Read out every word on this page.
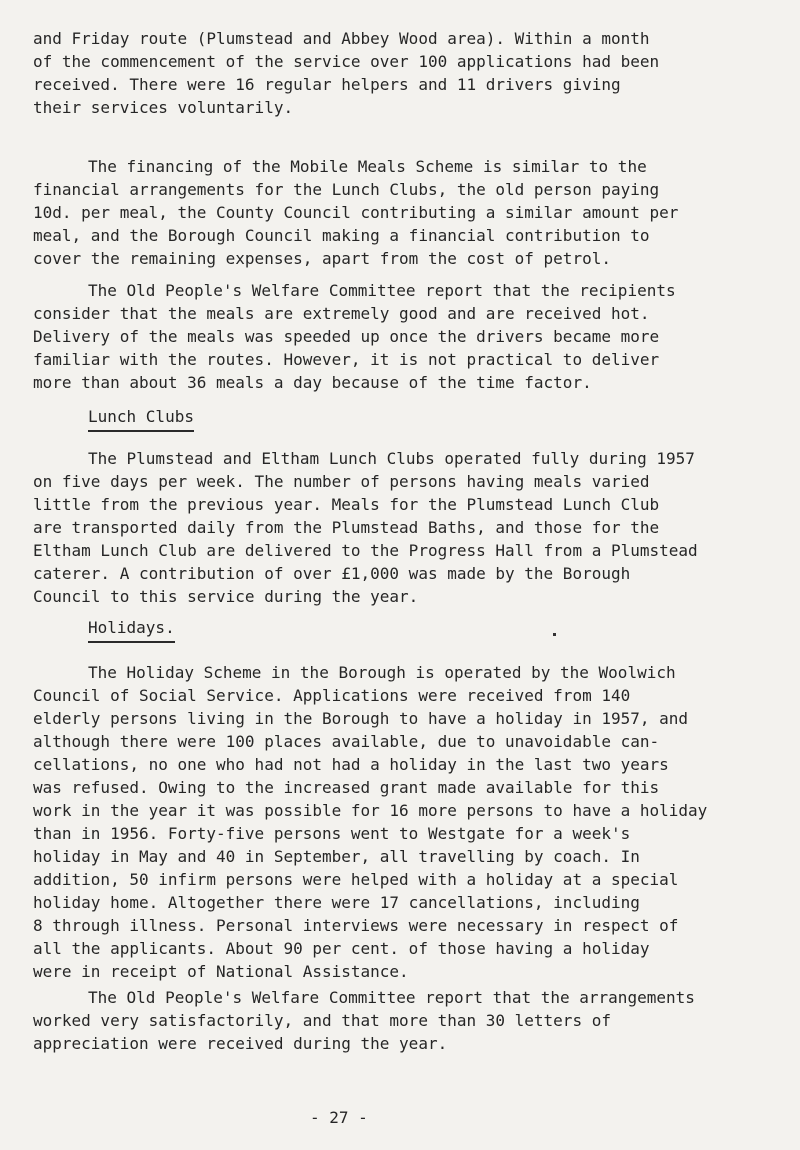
and Friday route (Plumstead and Abbey Wood area). Within a month
of the commencement of the service over 100 applications had been
received. There were 16 regular helpers and 11 drivers giving
their services voluntarily.
The financing of the Mobile Meals Scheme is similar to the
financial arrangements for the Lunch Clubs, the old person paying
10d. per meal, the County Council contributing a similar amount per
meal, and the Borough Council making a financial contribution to
cover the remaining expenses, apart from the cost of petrol.
The Old People's Welfare Committee report that the recipients
consider that the meals are extremely good and are received hot.
Delivery of the meals was speeded up once the drivers became more
familiar with the routes. However, it is not practical to deliver
more than about 36 meals a day because of the time factor.
Lunch Clubs
The Plumstead and Eltham Lunch Clubs operated fully during 1957
on five days per week. The number of persons having meals varied
little from the previous year. Meals for the Plumstead Lunch Club
are transported daily from the Plumstead Baths, and those for the
Eltham Lunch Club are delivered to the Progress Hall from a Plumstead
caterer. A contribution of over £1,000 was made by the Borough
Council to this service during the year.
Holidays.
The Holiday Scheme in the Borough is operated by the Woolwich
Council of Social Service. Applications were received from 140
elderly persons living in the Borough to have a holiday in 1957, and
although there were 100 places available, due to unavoidable can-
cellations, no one who had not had a holiday in the last two years
was refused. Owing to the increased grant made available for this
work in the year it was possible for 16 more persons to have a holiday
than in 1956. Forty-five persons went to Westgate for a week's
holiday in May and 40 in September, all travelling by coach. In
addition, 50 infirm persons were helped with a holiday at a special
holiday home. Altogether there were 17 cancellations, including
8 through illness. Personal interviews were necessary in respect of
all the applicants. About 90 per cent. of those having a holiday
were in receipt of National Assistance.
The Old People's Welfare Committee report that the arrangements
worked very satisfactorily, and that more than 30 letters of
appreciation were received during the year.
- 27 -
